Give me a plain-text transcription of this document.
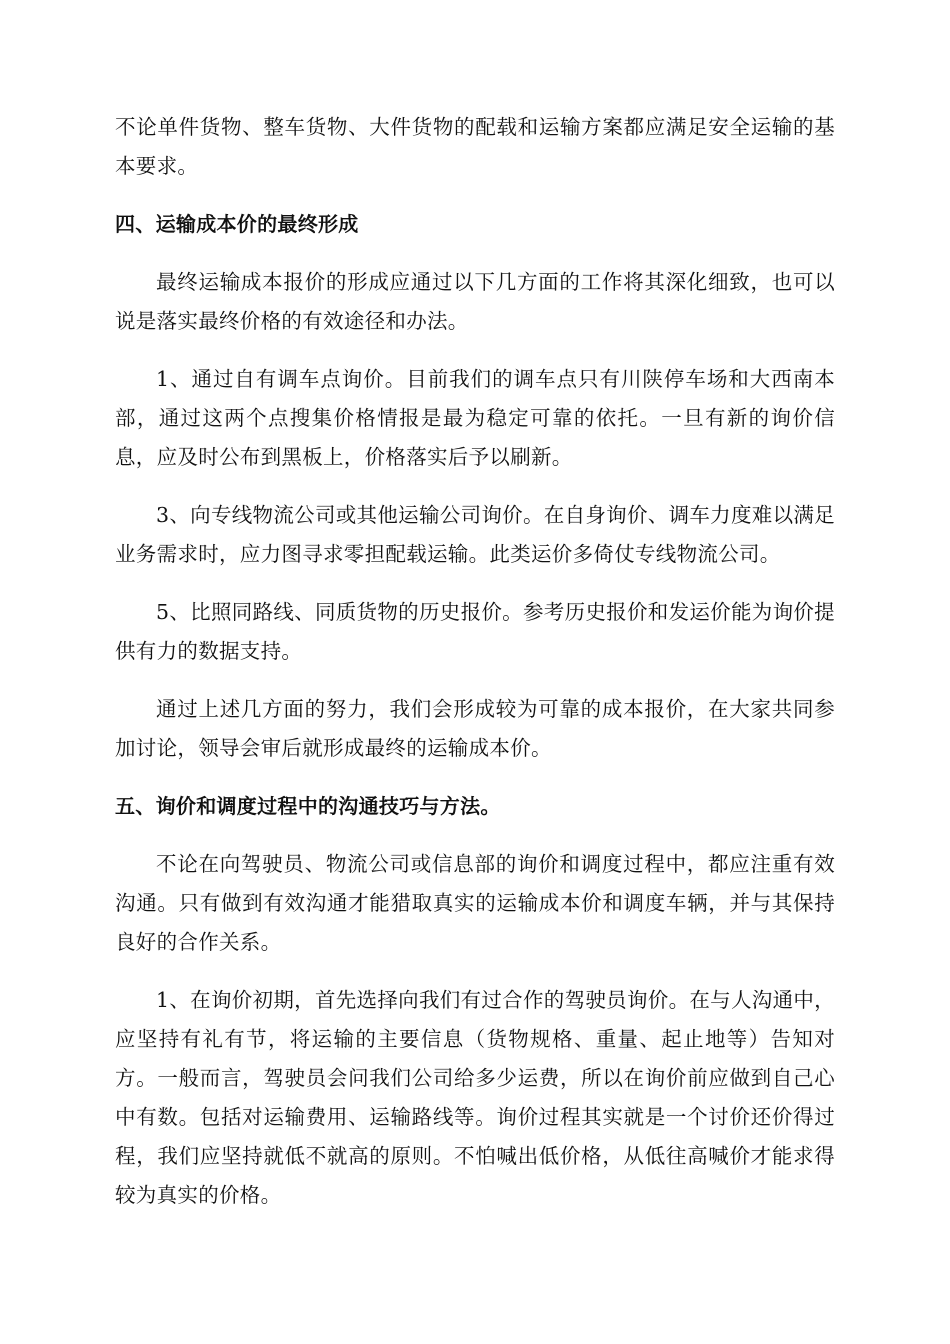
不论单件货物、整车货物、大件货物的配载和运输方案都应满足安全运输的基本要求。

四、运输成本价的最终形成

最终运输成本报价的形成应通过以下几方面的工作将其深化细致，也可以说是落实最终价格的有效途径和办法。

1、通过自有调车点询价。目前我们的调车点只有川陕停车场和大西南本部，通过这两个点搜集价格情报是最为稳定可靠的依托。一旦有新的询价信息，应及时公布到黑板上，价格落实后予以刷新。

3、向专线物流公司或其他运输公司询价。在自身询价、调车力度难以满足业务需求时，应力图寻求零担配载运输。此类运价多倚仗专线物流公司。

5、比照同路线、同质货物的历史报价。参考历史报价和发运价能为询价提供有力的数据支持。

通过上述几方面的努力，我们会形成较为可靠的成本报价，在大家共同参加讨论，领导会审后就形成最终的运输成本价。

五、询价和调度过程中的沟通技巧与方法。

不论在向驾驶员、物流公司或信息部的询价和调度过程中，都应注重有效沟通。只有做到有效沟通才能猎取真实的运输成本价和调度车辆，并与其保持良好的合作关系。

1、在询价初期，首先选择向我们有过合作的驾驶员询价。在与人沟通中，应坚持有礼有节，将运输的主要信息（货物规格、重量、起止地等）告知对方。一般而言，驾驶员会问我们公司给多少运费，所以在询价前应做到自己心中有数。包括对运输费用、运输路线等。询价过程其实就是一个讨价还价得过程，我们应坚持就低不就高的原则。不怕喊出低价格，从低往高喊价才能求得较为真实的价格。
